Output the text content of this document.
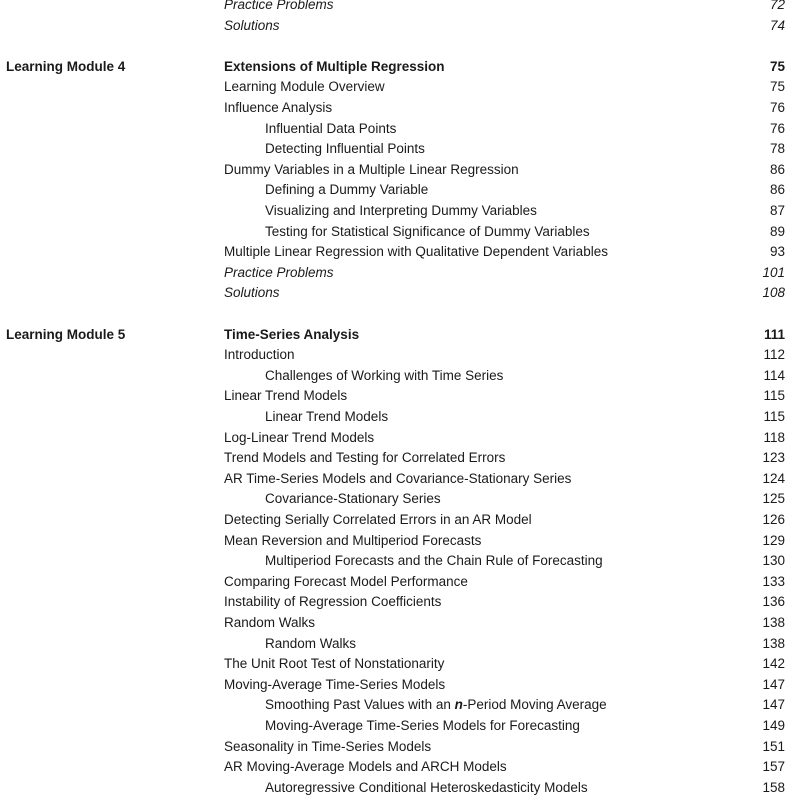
Practice Problems	72
Solutions	74
Learning Module 4	Extensions of Multiple Regression	75
Learning Module Overview	75
Influence Analysis	76
Influential Data Points	76
Detecting Influential Points	78
Dummy Variables in a Multiple Linear Regression	86
Defining a Dummy Variable	86
Visualizing and Interpreting Dummy Variables	87
Testing for Statistical Significance of Dummy Variables	89
Multiple Linear Regression with Qualitative Dependent Variables	93
Practice Problems	101
Solutions	108
Learning Module 5	Time-Series Analysis	111
Introduction	112
Challenges of Working with Time Series	114
Linear Trend Models	115
Linear Trend Models	115
Log-Linear Trend Models	118
Trend Models and Testing for Correlated Errors	123
AR Time-Series Models and Covariance-Stationary Series	124
Covariance-Stationary Series	125
Detecting Serially Correlated Errors in an AR Model	126
Mean Reversion and Multiperiod Forecasts	129
Multiperiod Forecasts and the Chain Rule of Forecasting	130
Comparing Forecast Model Performance	133
Instability of Regression Coefficients	136
Random Walks	138
Random Walks	138
The Unit Root Test of Nonstationarity	142
Moving-Average Time-Series Models	147
Smoothing Past Values with an n-Period Moving Average	147
Moving-Average Time-Series Models for Forecasting	149
Seasonality in Time-Series Models	151
AR Moving-Average Models and ARCH Models	157
Autoregressive Conditional Heteroskedasticity Models	158
